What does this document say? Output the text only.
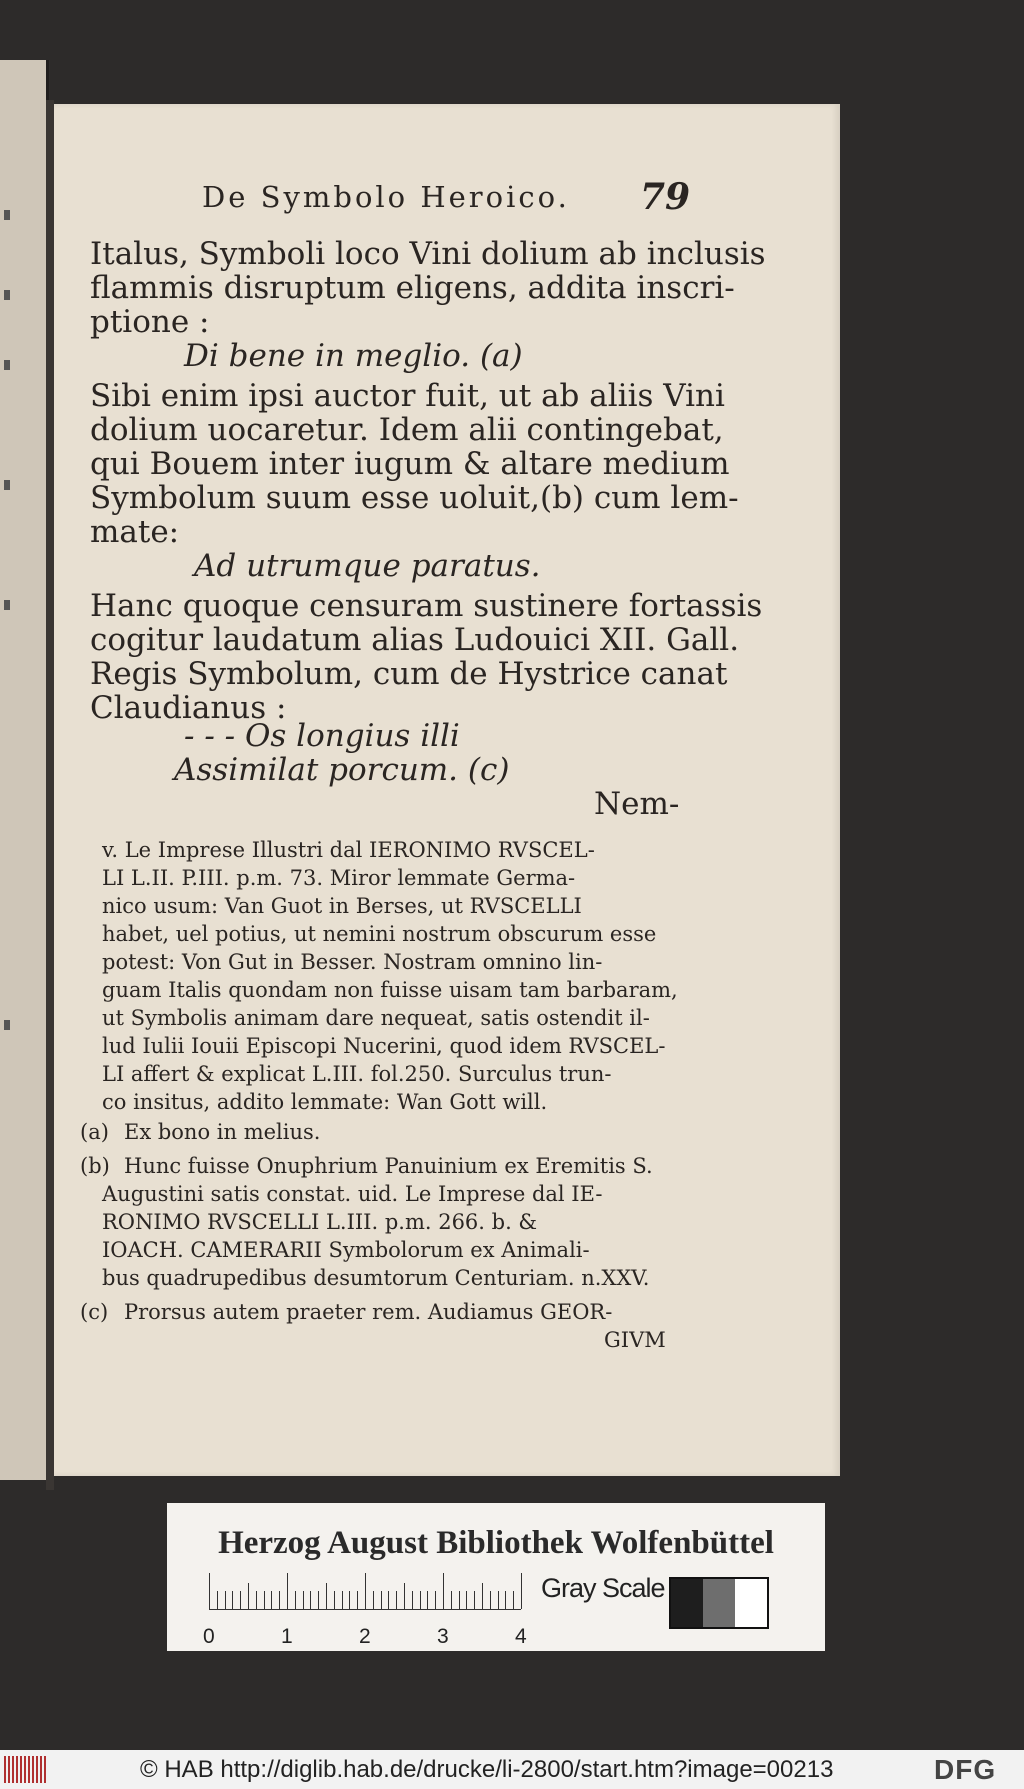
De Symbolo Heroico. 79
Italus, Symboli loco Vini dolium ab inclusis
flammis disruptum eligens, addita inscri-
ptione :
Di bene in meglio. (a)
Sibi enim ipsi auctor fuit, ut ab aliis Vini
dolium uocaretur. Idem alii contingebat,
qui Bouem inter iugum & altare medium
Symbolum suum esse uoluit,(b) cum lem-
mate:
Ad utrumque paratus.
Hanc quoque censuram sustinere fortassis
cogitur laudatum alias Ludouici XII. Gall.
Regis Symbolum, cum de Hystrice canat
Claudianus :
- - - Os longius illi
Assimilat porcum. (c)
Nem-
v. Le Imprese Illustri dal IERONIMO RVSCEL-
LI L.II. P.III. p.m. 73. Miror lemmate Germa-
nico usum: Van Guot in Berses, ut RVSCELLI
habet, uel potius, ut nemini nostrum obscurum esse
potest: Von Gut in Besser. Nostram omnino lin-
guam Italis quondam non fuisse uisam tam barbaram,
ut Symbolis animam dare nequeat, satis ostendit il-
lud Iulii Iouii Episcopi Nucerini, quod idem RVSCEL-
LI affert & explicat L.III. fol.250. Surculus trun-
co insitus, addito lemmate: Wan Gott will.
(a) Ex bono in melius.
(b) Hunc fuisse Onuphrium Panuinium ex Eremitis S.
Augustini satis constat. uid. Le Imprese dal IE-
RONIMO RVSCELLI L.III. p.m. 266. b. &
IOACH. CAMERARII Symbolorum ex Animali-
bus quadrupedibus desumtorum Centuriam. n.XXV.
(c) Prorsus autem praeter rem. Audiamus GEOR-
GIVM
Herzog August Bibliothek Wolfenbüttel
0	1	2	3	4
Gray Scale
© HAB http://diglib.hab.de/drucke/li-2800/start.htm?image=00213	DFG
